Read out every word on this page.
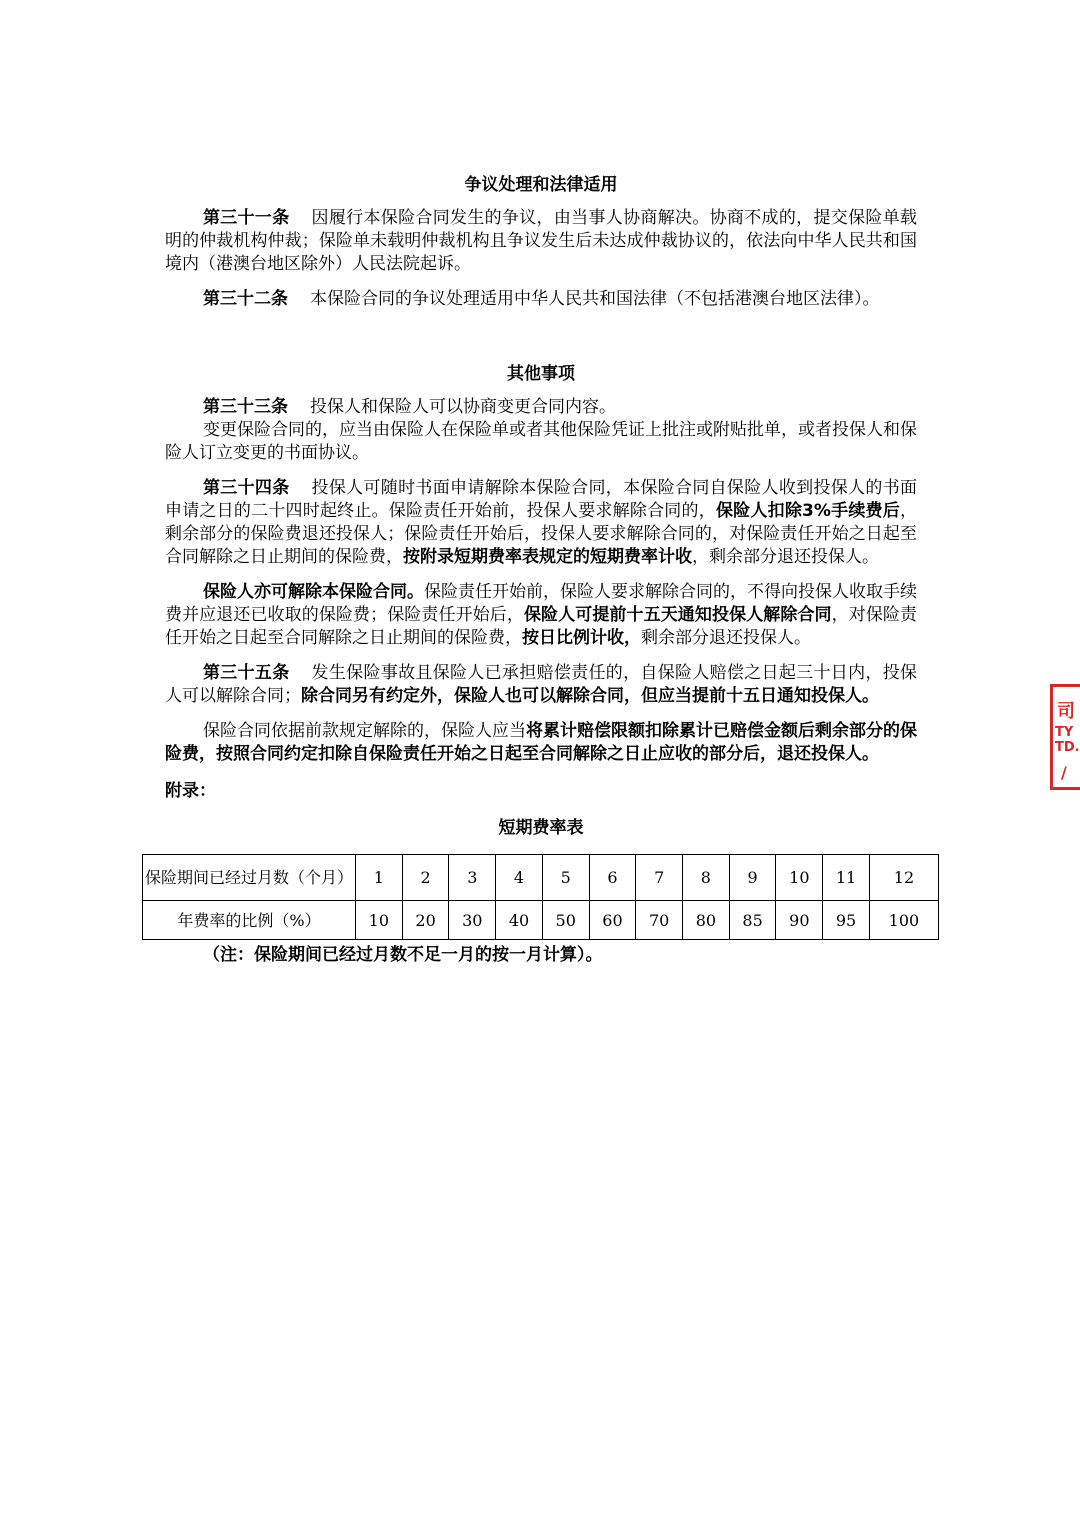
争议处理和法律适用

第三十一条 因履行本保险合同发生的争议，由当事人协商解决。协商不成的，提交保险单载明的仲裁机构仲裁；保险单未载明仲裁机构且争议发生后未达成仲裁协议的，依法向中华人民共和国境内（港澳台地区除外）人民法院起诉。

第三十二条 本保险合同的争议处理适用中华人民共和国法律（不包括港澳台地区法律）。

其他事项

第三十三条 投保人和保险人可以协商变更合同内容。

变更保险合同的，应当由保险人在保险单或者其他保险凭证上批注或附贴批单，或者投保人和保险人订立变更的书面协议。

第三十四条 投保人可随时书面申请解除本保险合同，本保险合同自保险人收到投保人的书面申请之日的二十四时起终止。保险责任开始前，投保人要求解除合同的，保险人扣除3%手续费后，剩余部分的保险费退还投保人；保险责任开始后，投保人要求解除合同的，对保险责任开始之日起至合同解除之日止期间的保险费，按附录短期费率表规定的短期费率计收，剩余部分退还投保人。

保险人亦可解除本保险合同。保险责任开始前，保险人要求解除合同的，不得向投保人收取手续费并应退还已收取的保险费；保险责任开始后，保险人可提前十五天通知投保人解除合同，对保险责任开始之日起至合同解除之日止期间的保险费，按日比例计收，剩余部分退还投保人。

第三十五条 发生保险事故且保险人已承担赔偿责任的，自保险人赔偿之日起三十日内，投保人可以解除合同；除合同另有约定外，保险人也可以解除合同，但应当提前十五日通知投保人。

保险合同依据前款规定解除的，保险人应当将累计赔偿限额扣除累计已赔偿金额后剩余部分的保险费，按照合同约定扣除自保险责任开始之日起至合同解除之日止应收的部分后，退还投保人。

附录：

短期费率表

保险期间已经过月数（个月）	1	2	3	4	5	6	7	8	9	10	11	12
年费率的比例（%）	10	20	30	40	50	60	70	80	85	90	95	100

（注：保险期间已经过月数不足一月的按一月计算）。

司
TY
TD.
/
